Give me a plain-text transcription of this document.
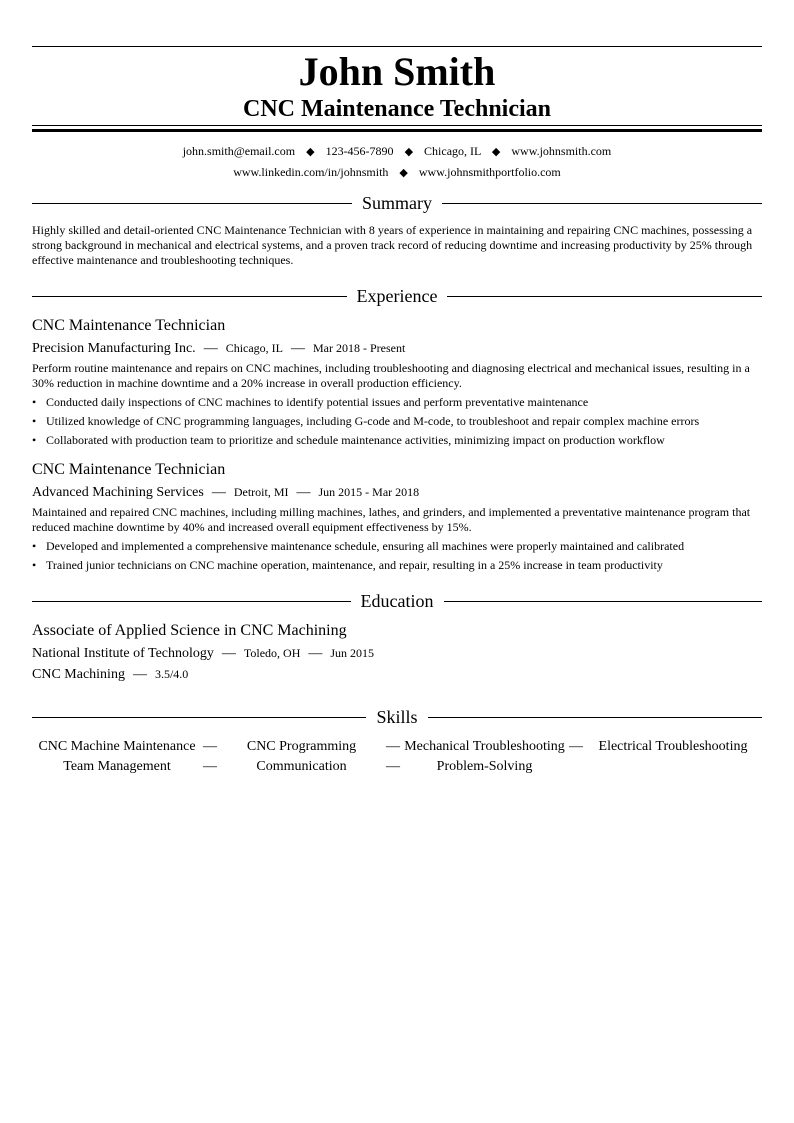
John Smith
CNC Maintenance Technician
john.smith@email.com ◆ 123-456-7890 ◆ Chicago, IL ◆ www.johnsmith.com
www.linkedin.com/in/johnsmith ◆ www.johnsmithportfolio.com
Summary
Highly skilled and detail-oriented CNC Maintenance Technician with 8 years of experience in maintaining and repairing CNC machines, possessing a strong background in mechanical and electrical systems, and a proven track record of reducing downtime and increasing productivity by 25% through effective maintenance and troubleshooting techniques.
Experience
CNC Maintenance Technician
Precision Manufacturing Inc. — Chicago, IL — Mar 2018 - Present
Perform routine maintenance and repairs on CNC machines, including troubleshooting and diagnosing electrical and mechanical issues, resulting in a 30% reduction in machine downtime and a 20% increase in overall production efficiency.
• Conducted daily inspections of CNC machines to identify potential issues and perform preventative maintenance
• Utilized knowledge of CNC programming languages, including G-code and M-code, to troubleshoot and repair complex machine errors
• Collaborated with production team to prioritize and schedule maintenance activities, minimizing impact on production workflow
CNC Maintenance Technician
Advanced Machining Services — Detroit, MI — Jun 2015 - Mar 2018
Maintained and repaired CNC machines, including milling machines, lathes, and grinders, and implemented a preventative maintenance program that reduced machine downtime by 40% and increased overall equipment effectiveness by 15%.
• Developed and implemented a comprehensive maintenance schedule, ensuring all machines were properly maintained and calibrated
• Trained junior technicians on CNC machine operation, maintenance, and repair, resulting in a 25% increase in team productivity
Education
Associate of Applied Science in CNC Machining
National Institute of Technology — Toledo, OH — Jun 2015
CNC Machining — 3.5/4.0
Skills
CNC Machine Maintenance —	CNC Programming	— Mechanical Troubleshooting —	Electrical Troubleshooting
Team Management	—	Communication	—	Problem-Solving
